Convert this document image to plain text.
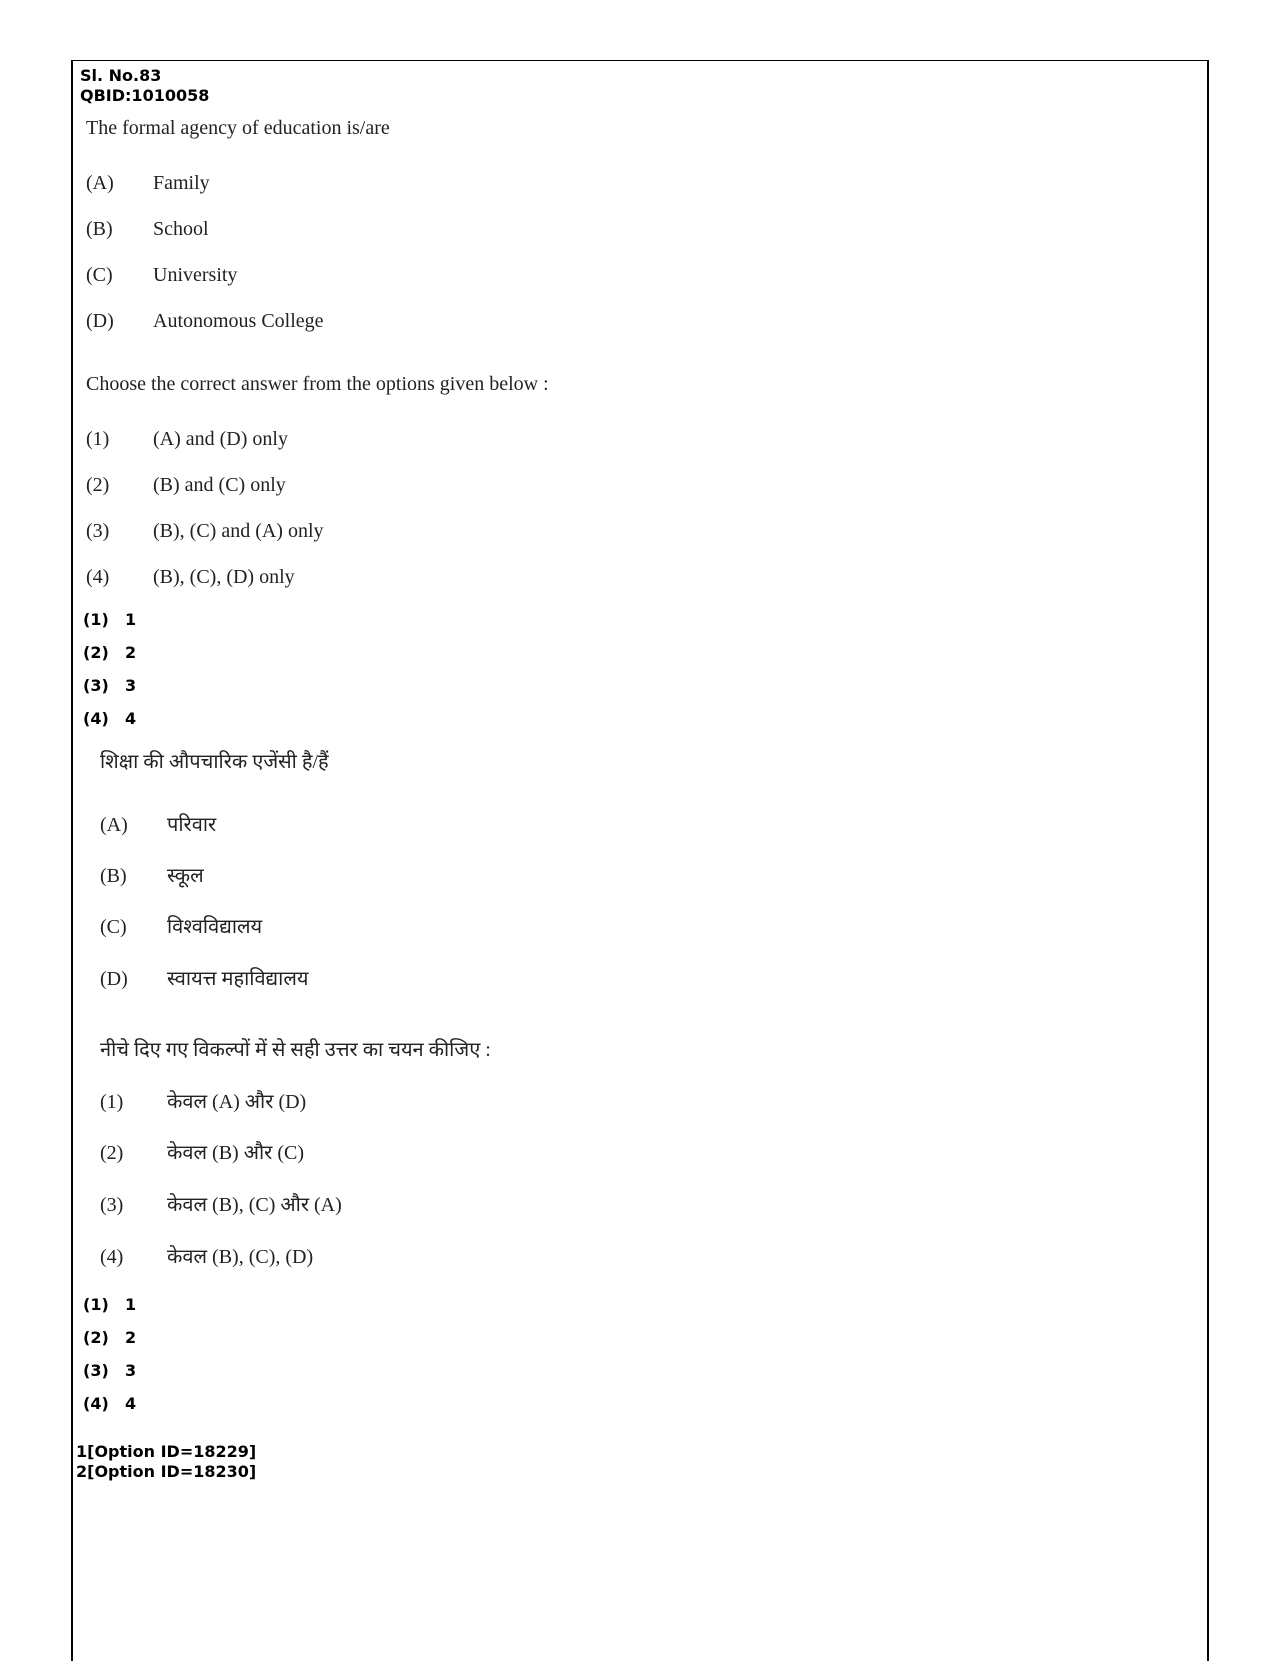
Sl. No.83
QBID:1010058
The formal agency of education is/are
(A) Family
(B) School
(C) University
(D) Autonomous College
Choose the correct answer from the options given below :
(1) (A) and (D) only
(2) (B) and (C) only
(3) (B), (C) and (A) only
(4) (B), (C), (D) only
(1) 1
(2) 2
(3) 3
(4) 4
शिक्षा की औपचारिक एजेंसी है/हैं
(A) परिवार
(B) स्कूल
(C) विश्वविद्यालय
(D) स्वायत्त महाविद्यालय
नीचे दिए गए विकल्पों में से सही उत्तर का चयन कीजिए :
(1) केवल (A) और (D)
(2) केवल (B) और (C)
(3) केवल (B), (C) और (A)
(4) केवल (B), (C), (D)
(1) 1
(2) 2
(3) 3
(4) 4
1[Option ID=18229]
2[Option ID=18230]
